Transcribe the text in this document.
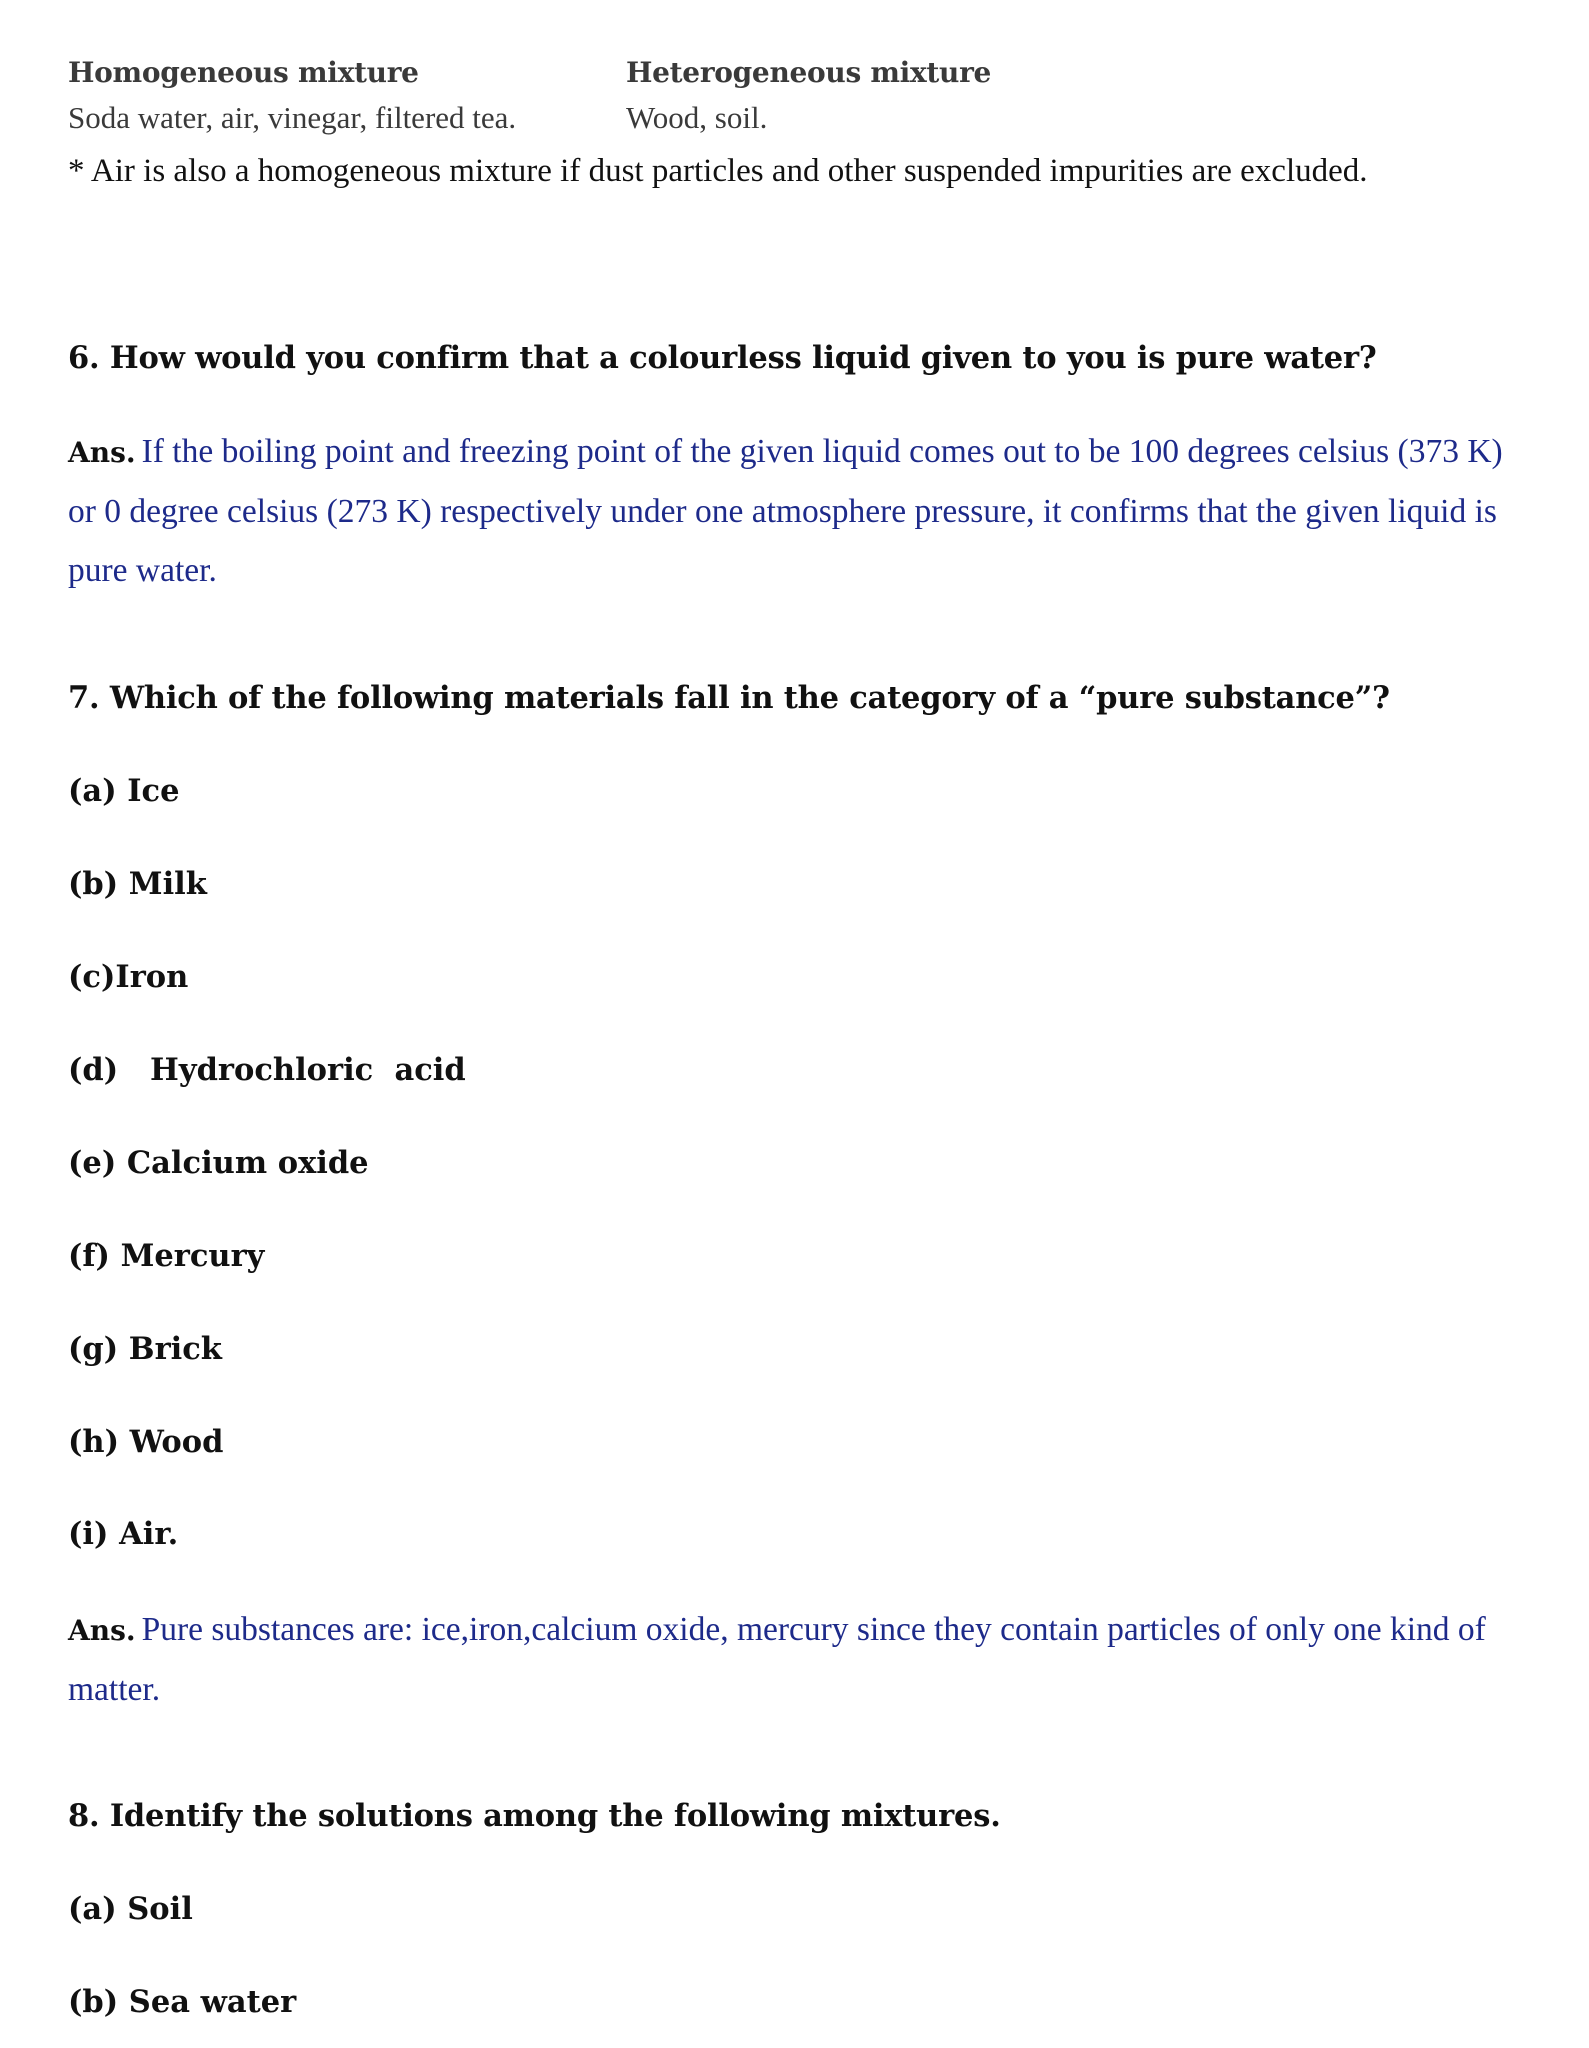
Homogeneous mixture	Heterogeneous mixture
Soda water, air, vinegar, filtered tea.	Wood, soil.
* Air is also a homogeneous mixture if dust particles and other suspended impurities are excluded.
6. How would you confirm that a colourless liquid given to you is pure water?
Ans. If the boiling point and freezing point of the given liquid comes out to be 100 degrees celsius (373 K) or 0 degree celsius (273 K) respectively under one atmosphere pressure, it confirms that the given liquid is pure water.
7. Which of the following materials fall in the category of a “pure substance”?
(a) Ice
(b) Milk
(c)Iron
(d)   Hydrochloric  acid
(e) Calcium oxide
(f) Mercury
(g) Brick
(h) Wood
(i) Air.
Ans. Pure substances are: ice,iron,calcium oxide, mercury since they contain particles of only one kind of matter.
8. Identify the solutions among the following mixtures.
(a) Soil
(b) Sea water
